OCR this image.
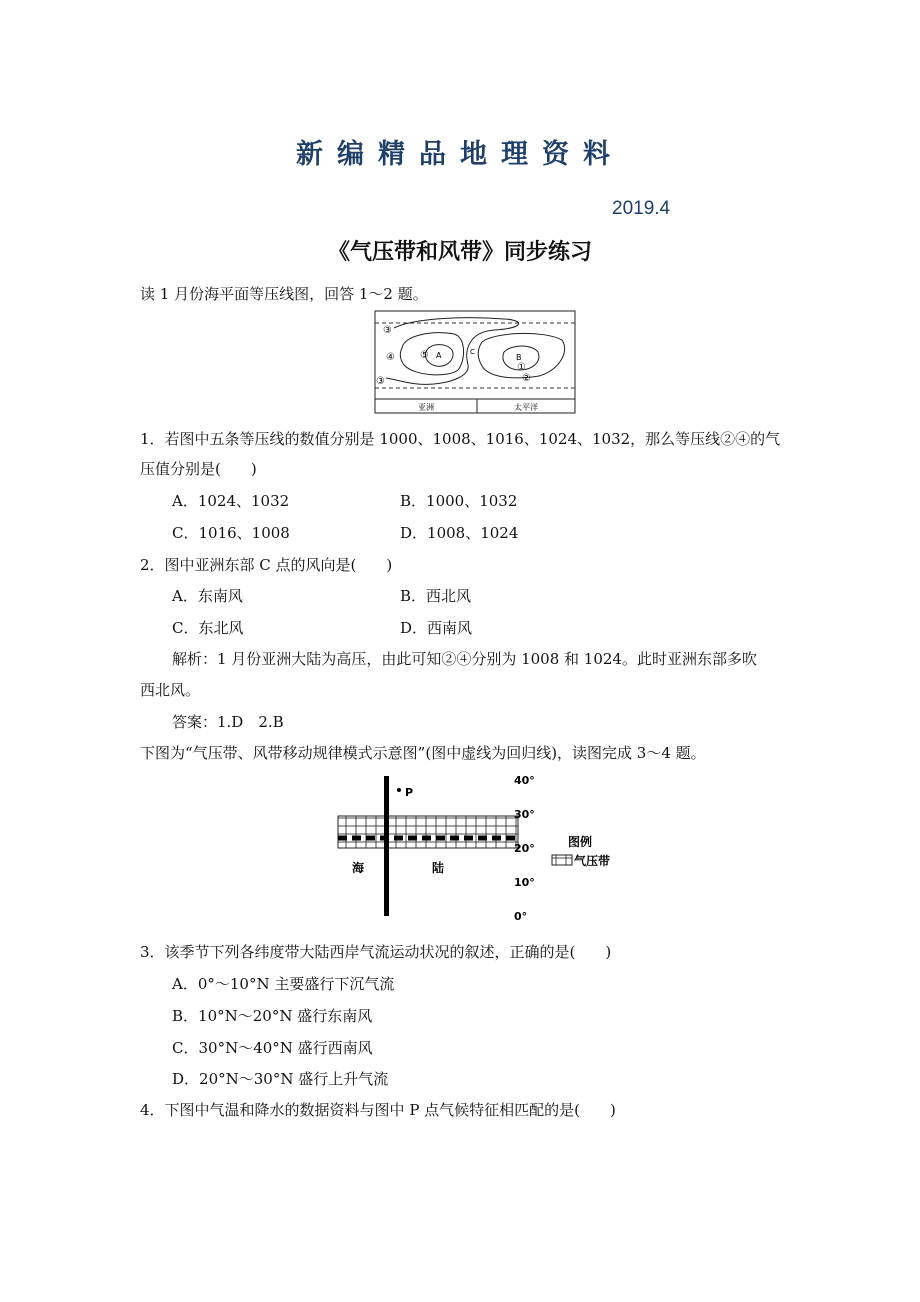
新编精品地理资料
2019.4
《气压带和风带》同步练习
读 1 月份海平面等压线图，回答 1～2 题。
③
④	⑤
③
①
②
A	B
C
亚洲	太平洋
1．若图中五条等压线的数值分别是 1000、1008、1016、1024、1032，那么等压线②④的气
压值分别是(　　)
A．1024、1032	B．1000、1032
C．1016、1008	D．1008、1024
2．图中亚洲东部 C 点的风向是(　　)
A．东南风	B．西北风
C．东北风	D．西南风
解析：1 月份亚洲大陆为高压，由此可知②④分别为 1008 和 1024。此时亚洲东部多吹
西北风。
答案：1.D　2.B
下图为“气压带、风带移动规律模式示意图”(图中虚线为回归线)，读图完成 3～4 题。
P
海	陆
40°
30°
20°
10°
0°
图例
气压带
3．该季节下列各纬度带大陆西岸气流运动状况的叙述，正确的是(　　)
A．0°～10°N 主要盛行下沉气流
B．10°N～20°N 盛行东南风
C．30°N～40°N 盛行西南风
D．20°N～30°N 盛行上升气流
4．下图中气温和降水的数据资料与图中 P 点气候特征相匹配的是(　　)
